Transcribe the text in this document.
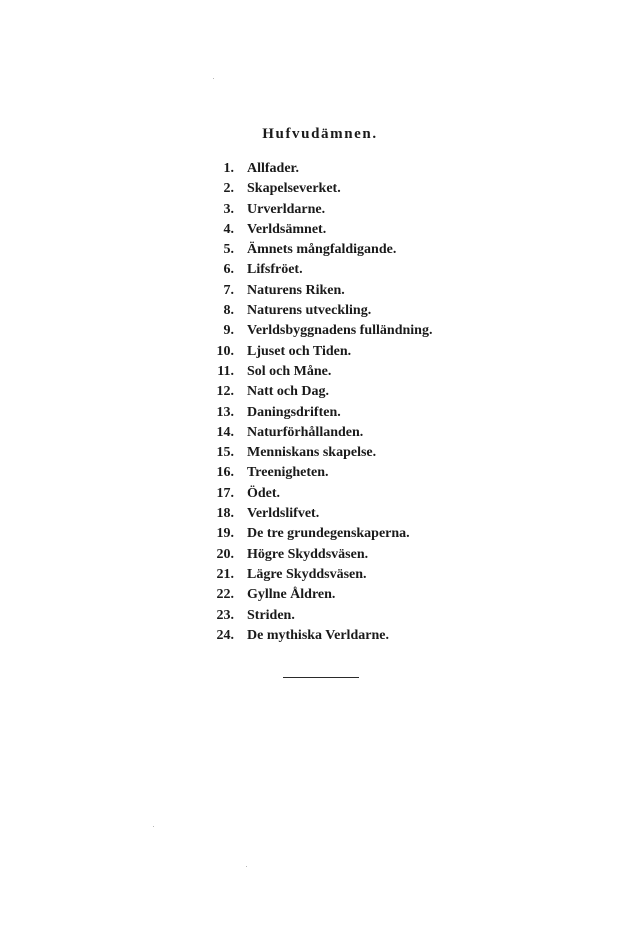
Hufvudämnen.
1. Allfader.
2. Skapelseverket.
3. Urverldarne.
4. Verldsämnet.
5. Ämnets mångfaldigande.
6. Lifsfröet.
7. Naturens Riken.
8. Naturens utveckling.
9. Verldsbyggnadens fulländning.
10. Ljuset och Tiden.
11. Sol och Måne.
12. Natt och Dag.
13. Daningsdriften.
14. Naturförhållanden.
15. Menniskans skapelse.
16. Treenigheten.
17. Ödet.
18. Verldslifvet.
19. De tre grundegenskaperna.
20. Högre Skyddsväsen.
21. Lägre Skyddsväsen.
22. Gyllne Åldren.
23. Striden.
24. De mythiska Verldarne.
